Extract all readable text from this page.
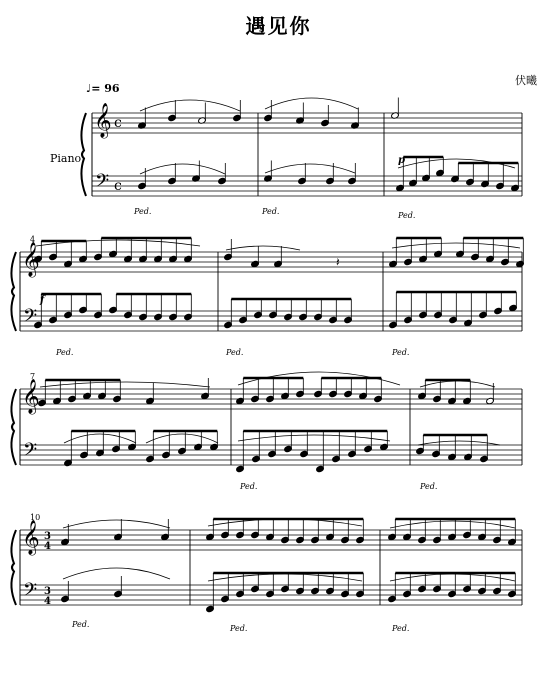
遇见你
伏曦
♩= 96
Piano
𝄞
𝄢
c
c
𝄞
𝄢
4
𝄞
𝄢
7
𝄞
𝄢
10
3
4
3
4
p
Ped.	Ped.	Ped.
𝄽
f
Ped.	Ped.	Ped.
Ped.	Ped.
Ped.	Ped.	Ped.
